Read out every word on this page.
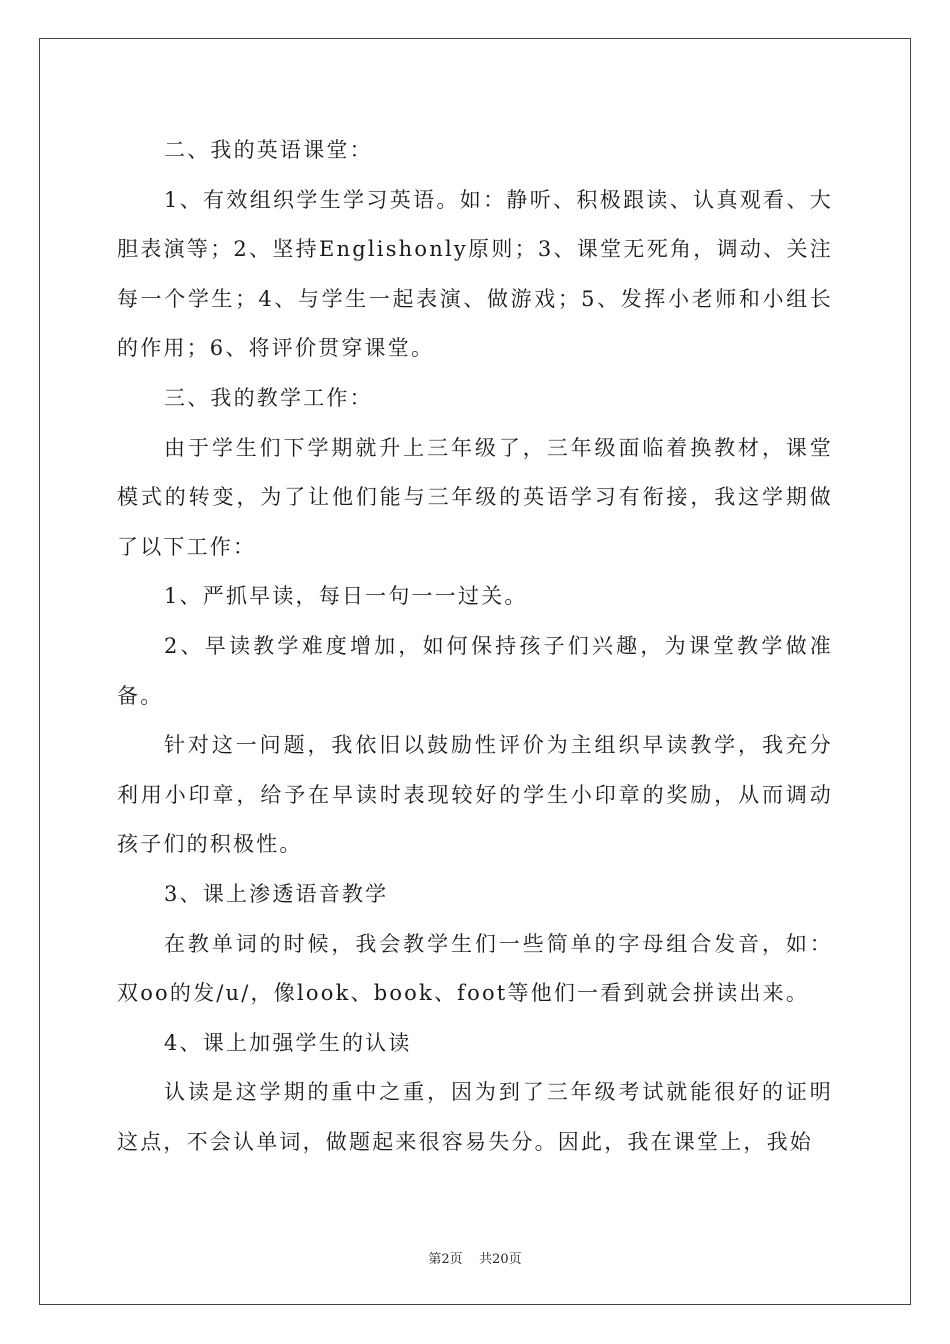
二、我的英语课堂：

1、有效组织学生学习英语。如：静听、积极跟读、认真观看、大胆表演等；2、坚持Englishonly原则；3、课堂无死角，调动、关注每一个学生；4、与学生一起表演、做游戏；5、发挥小老师和小组长的作用；6、将评价贯穿课堂。

三、我的教学工作：

由于学生们下学期就升上三年级了，三年级面临着换教材，课堂模式的转变，为了让他们能与三年级的英语学习有衔接，我这学期做了以下工作：

1、严抓早读，每日一句一一过关。

2、早读教学难度增加，如何保持孩子们兴趣，为课堂教学做准备。

针对这一问题，我依旧以鼓励性评价为主组织早读教学，我充分利用小印章，给予在早读时表现较好的学生小印章的奖励，从而调动孩子们的积极性。

3、课上渗透语音教学

在教单词的时候，我会教学生们一些简单的字母组合发音，如：双oo的发/u/，像look、book、foot等他们一看到就会拼读出来。

4、课上加强学生的认读

认读是这学期的重中之重，因为到了三年级考试就能很好的证明这点，不会认单词，做题起来很容易失分。因此，我在课堂上，我始

第2页 共20页
